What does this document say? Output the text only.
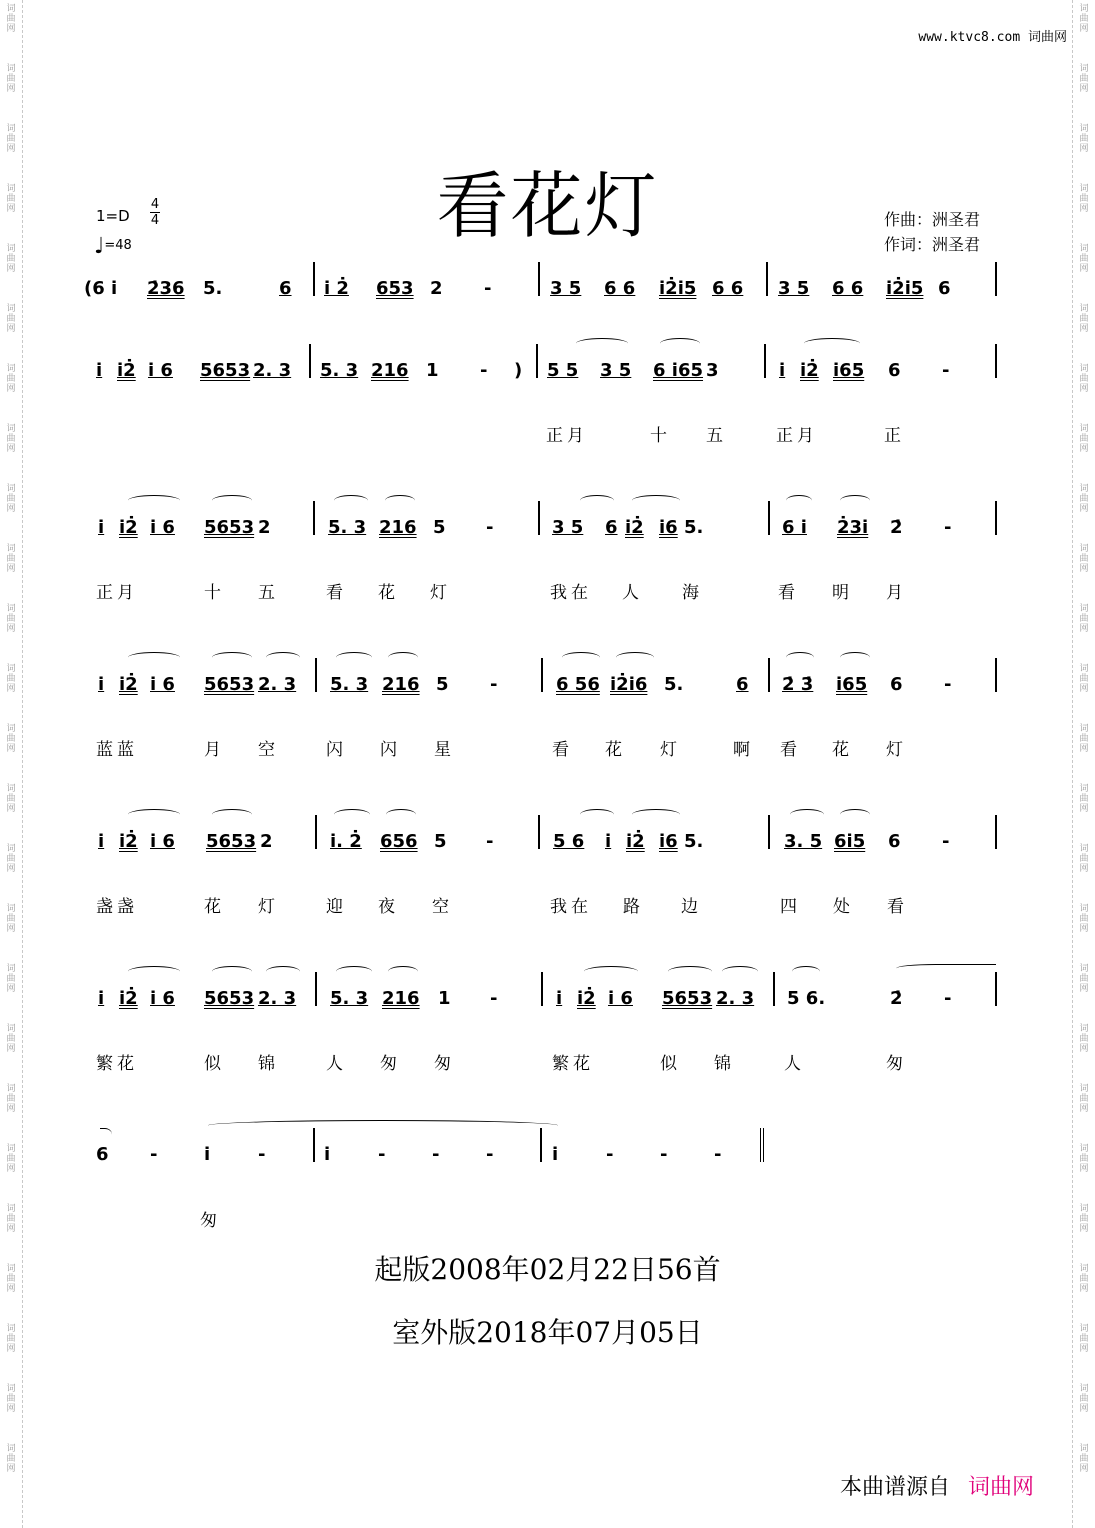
词
曲
网
词
曲
网
词
曲
网
词
曲
网
词
曲
网
词
曲
网
词
曲
网
词
曲
网
词
曲
网
词
曲
网
词
曲
网
词
曲
网
词
曲
网
词
曲
网
词
曲
网
词
曲
网
词
曲
网
词
曲
网
词
曲
网
词
曲
网
词
曲
网
词
曲
网
词
曲
网
词
曲
网
词
曲
网
词
曲
网
词
曲
网
词
曲
网
词
曲
网
词
曲
网
词
曲
网
词
曲
网
词
曲
网
词
曲
网
词
曲
网
词
曲
网
词
曲
网
词
曲
网
词
曲
网
词
曲
网
词
曲
网
词
曲
网
词
曲
网
词
曲
网
词
曲
网
词
曲
网
词
曲
网
词
曲
网
词
曲
网
词
曲
网
www.ktvc8.com 词曲网
看花灯
1=D
4
4
♩=48
作曲：洲圣君
作词：洲圣君
(6 i 2̇36 5.	6 i 2̇ 653 2 -	3 5 6 6 i2̇i5 6 6 3 5 6 6 i2̇i5 6
i i2̇ i 6 5653 2. 3 5. 3 216 1 - ) 5 5 3 5 6 i65 3	i i2̇ i65 6 -
正月	十 五	正月	正
i i2̇ i 6 5653 2	5. 3 216 5 -	3 5 6 i2̇ i6 5.	6 i 2̇3i 2̇ -
正月	十 五	看 花 灯	我在 人 海	看 明 月
i i2̇ i 6 5653 2. 3 5. 3 216 5 -	6 56 i2̇i6 5.	6 2̇ 3̇ i65 6 -
蓝蓝	月 空	闪 闪 星	看 花 灯	啊 看 花 灯
i i2̇ i 6 5653 2	i. 2̇ 656 5 -	5 6 i i2̇ i6 5.	3. 5 6i5 6 -
盏盏	花 灯	迎 夜 空	我在 路 边	四 处 看
i i2̇ i 6 5653 2. 3 5. 3 216 1 -	i i2̇ i 6 5653 2. 3 5 6.	2̇ -
繁花	似 锦	人 匆 匆	繁花	似 锦	人	匆
6 -	i	-	i	-	-	-	i	-	-	-
匆
起版2008年02月22日56首
室外版2018年07月05日
本曲谱源自 词曲网
